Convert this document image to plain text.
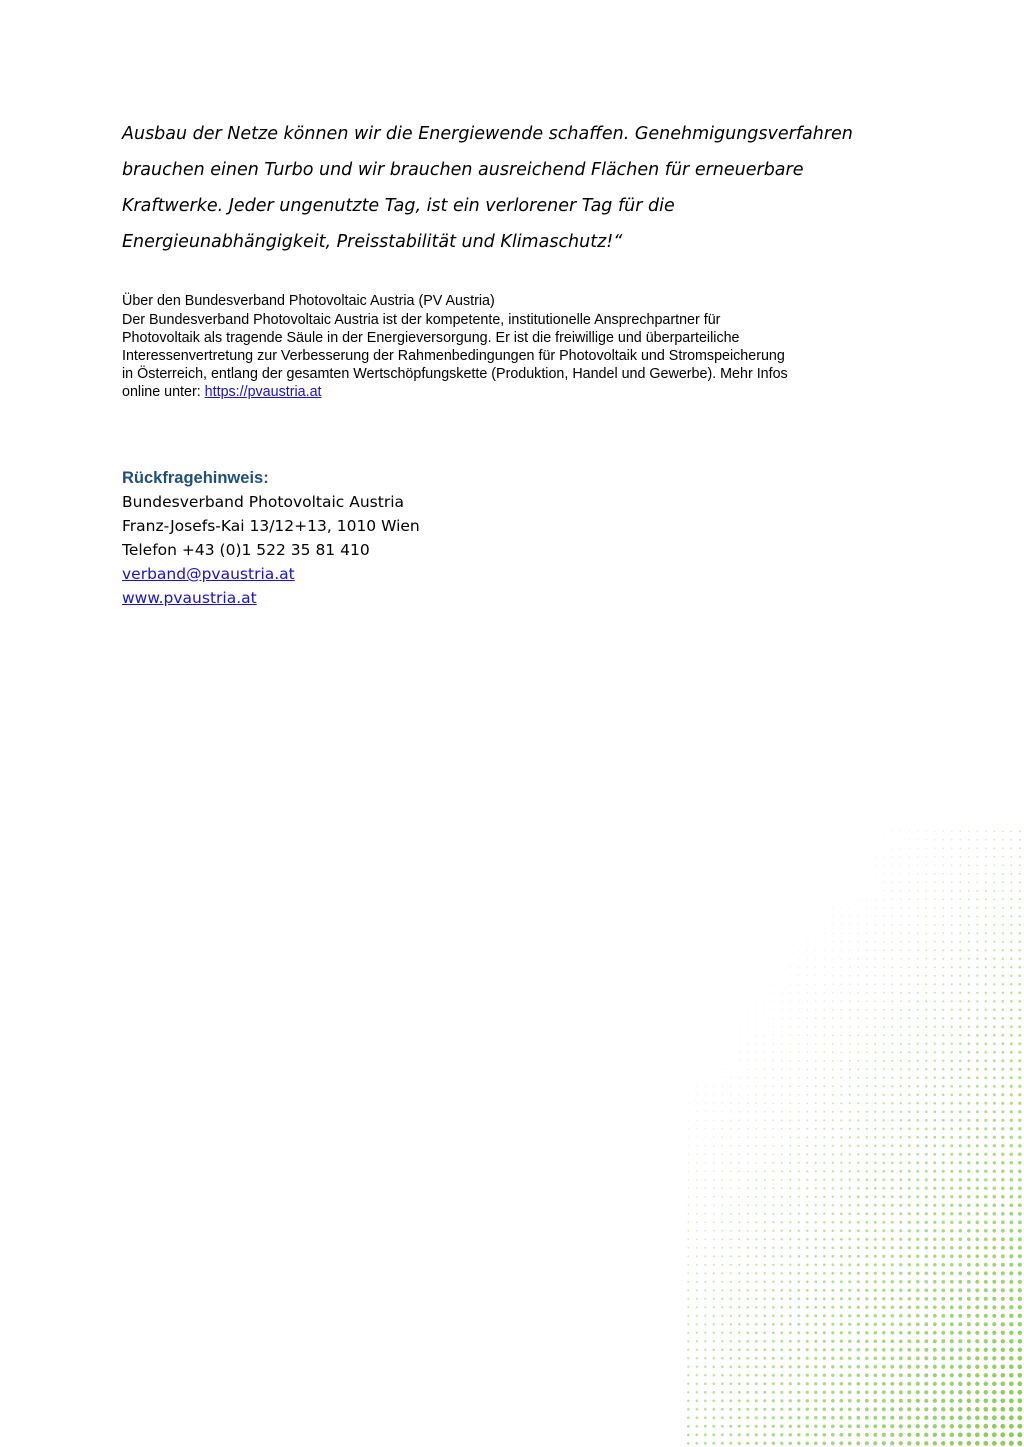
Ausbau der Netze können wir die Energiewende schaffen. Genehmigungsverfahren
brauchen einen Turbo und wir brauchen ausreichend Flächen für erneuerbare
Kraftwerke. Jeder ungenutzte Tag, ist ein verlorener Tag für die
Energieunabhängigkeit, Preisstabilität und Klimaschutz!“

Über den Bundesverband Photovoltaic Austria (PV Austria)

Der Bundesverband Photovoltaic Austria ist der kompetente, institutionelle Ansprechpartner für
Photovoltaik als tragende Säule in der Energieversorgung. Er ist die freiwillige und überparteiliche
Interessenvertretung zur Verbesserung der Rahmenbedingungen für Photovoltaik und Stromspeicherung
in Österreich, entlang der gesamten Wertschöpfungskette (Produktion, Handel und Gewerbe). Mehr Infos
online unter: https://pvaustria.at

Rückfragehinweis:

Bundesverband Photovoltaic Austria
Franz-Josefs-Kai 13/12+13, 1010 Wien
Telefon +43 (0)1 522 35 81 410
verband@pvaustria.at
www.pvaustria.at
